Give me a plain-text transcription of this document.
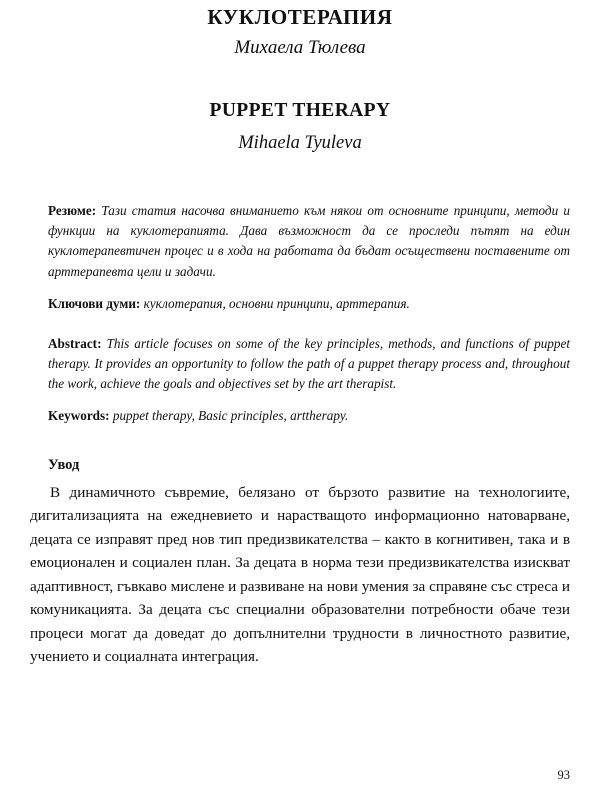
КУКЛОТЕРАПИЯ

Михаела Тюлева

PUPPET THERAPY

Mihaela Tyuleva

Резюме: Тази статия насочва вниманието към някои от основните принципи, методи и функции на куклотерапията. Дава възможност да се проследи пътят на един куклотерапевтичен процес и в хода на работата да бъдат осъществени поставените от арттерапевта цели и задачи.

Ключови думи: куклотерапия, основни принципи, арттерапия.

Abstract: This article focuses on some of the key principles, methods, and functions of puppet therapy. It provides an opportunity to follow the path of a puppet therapy process and, throughout the work, achieve the goals and objectives set by the art therapist.

Keywords: puppet therapy, Basic principles, arttherapy.

Увод

В динамичното съвремие, белязано от бързото развитие на технологиите, дигитализацията на ежедневието и нарастващото информационно натоварване, децата се изправят пред нов тип предизвикателства – както в когнитивен, така и в емоционален и социален план. За децата в норма тези предизвикателства изискват адаптивност, гъвкаво мислене и развиване на нови умения за справяне със стреса и комуникацията. За децата със специални образователни потребности обаче тези процеси могат да доведат до допълнителни трудности в личностното развитие, учението и социалната интеграция.

93
